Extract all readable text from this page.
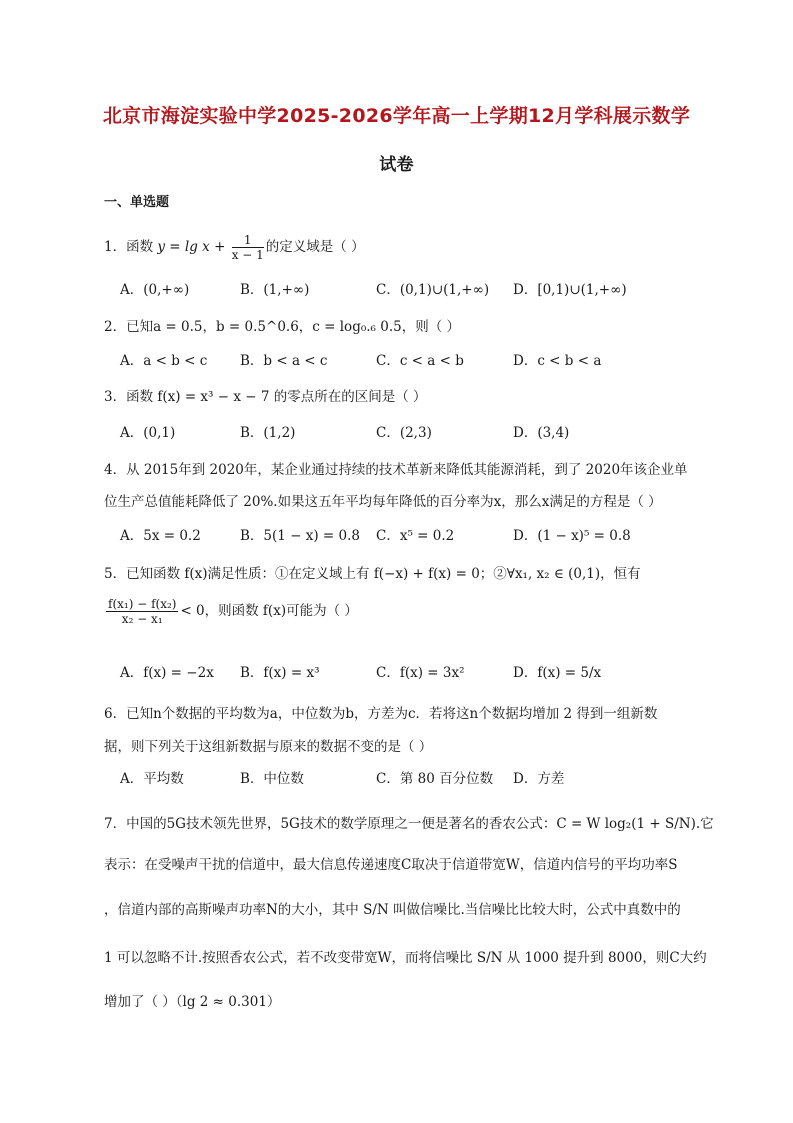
北京市海淀实验中学2025-2026学年高一上学期12月学科展示数学
试卷
一、单选题
1．函数 $y = \lg x + \frac{1}{x - 1}$ 的定义域是（ ）
A．(0,+∞)	B．(1,+∞)	C．(0,1)∪(1,+∞) D．[0,1)∪(1,+∞)
2．已知a = 0.5，b = 0.5^0.6，c = log₀.₆ 0.5，则（ ）
A．a < b < c B．b < a < c	C．c < a < b	D．c < b < a
3．函数 f(x) = x³ − x − 7 的零点所在的区间是（ ）
A．(0,1)	B．(1,2)	C．(2,3)	D．(3,4)
4．从 2015年到 2020年，某企业通过持续的技术革新来降低其能源消耗，到了 2020年该企业单
位生产总值能耗降低了 20%.如果这五年平均每年降低的百分率为x，那么x满足的方程是（ ）
A．5x = 0.2	B．5(1 − x) = 0.8 C．x⁵ = 0.2	D．(1 − x)⁵ = 0.8
5．已知函数 f(x)满足性质：①在定义域上有 f(−x) + f(x) = 0；②∀x₁, x₂ ∈ (0,1)，恒有
$\frac{\text{f(x₁) − f(x₂)}}{\text{x₂ − x₁}} < 0$，则函数 f(x)可能为（ ）
A．f(x) = −2x B．f(x) = x³	C．f(x) = 3x²	D．f(x) = 5/x
6．已知n个数据的平均数为a，中位数为b，方差为c．若将这n个数据均增加 2 得到一组新数
据，则下列关于这组新数据与原来的数据不变的是（ ）
A．平均数	B．中位数	C．第 80 百分位数 D．方差
7．中国的5G技术领先世界，5G技术的数学原理之一便是著名的香农公式：C = W log₂(1 + S/N).它
表示：在受噪声干扰的信道中，最大信息传递速度C取决于信道带宽W，信道内信号的平均功率S
，信道内部的高斯噪声功率N的大小，其中 S/N 叫做信噪比.当信噪比比较大时，公式中真数中的
1 可以忽略不计.按照香农公式，若不改变带宽W，而将信噪比 S/N 从 1000 提升到 8000，则C大约
增加了（ ）（lg 2 ≈ 0.301）
